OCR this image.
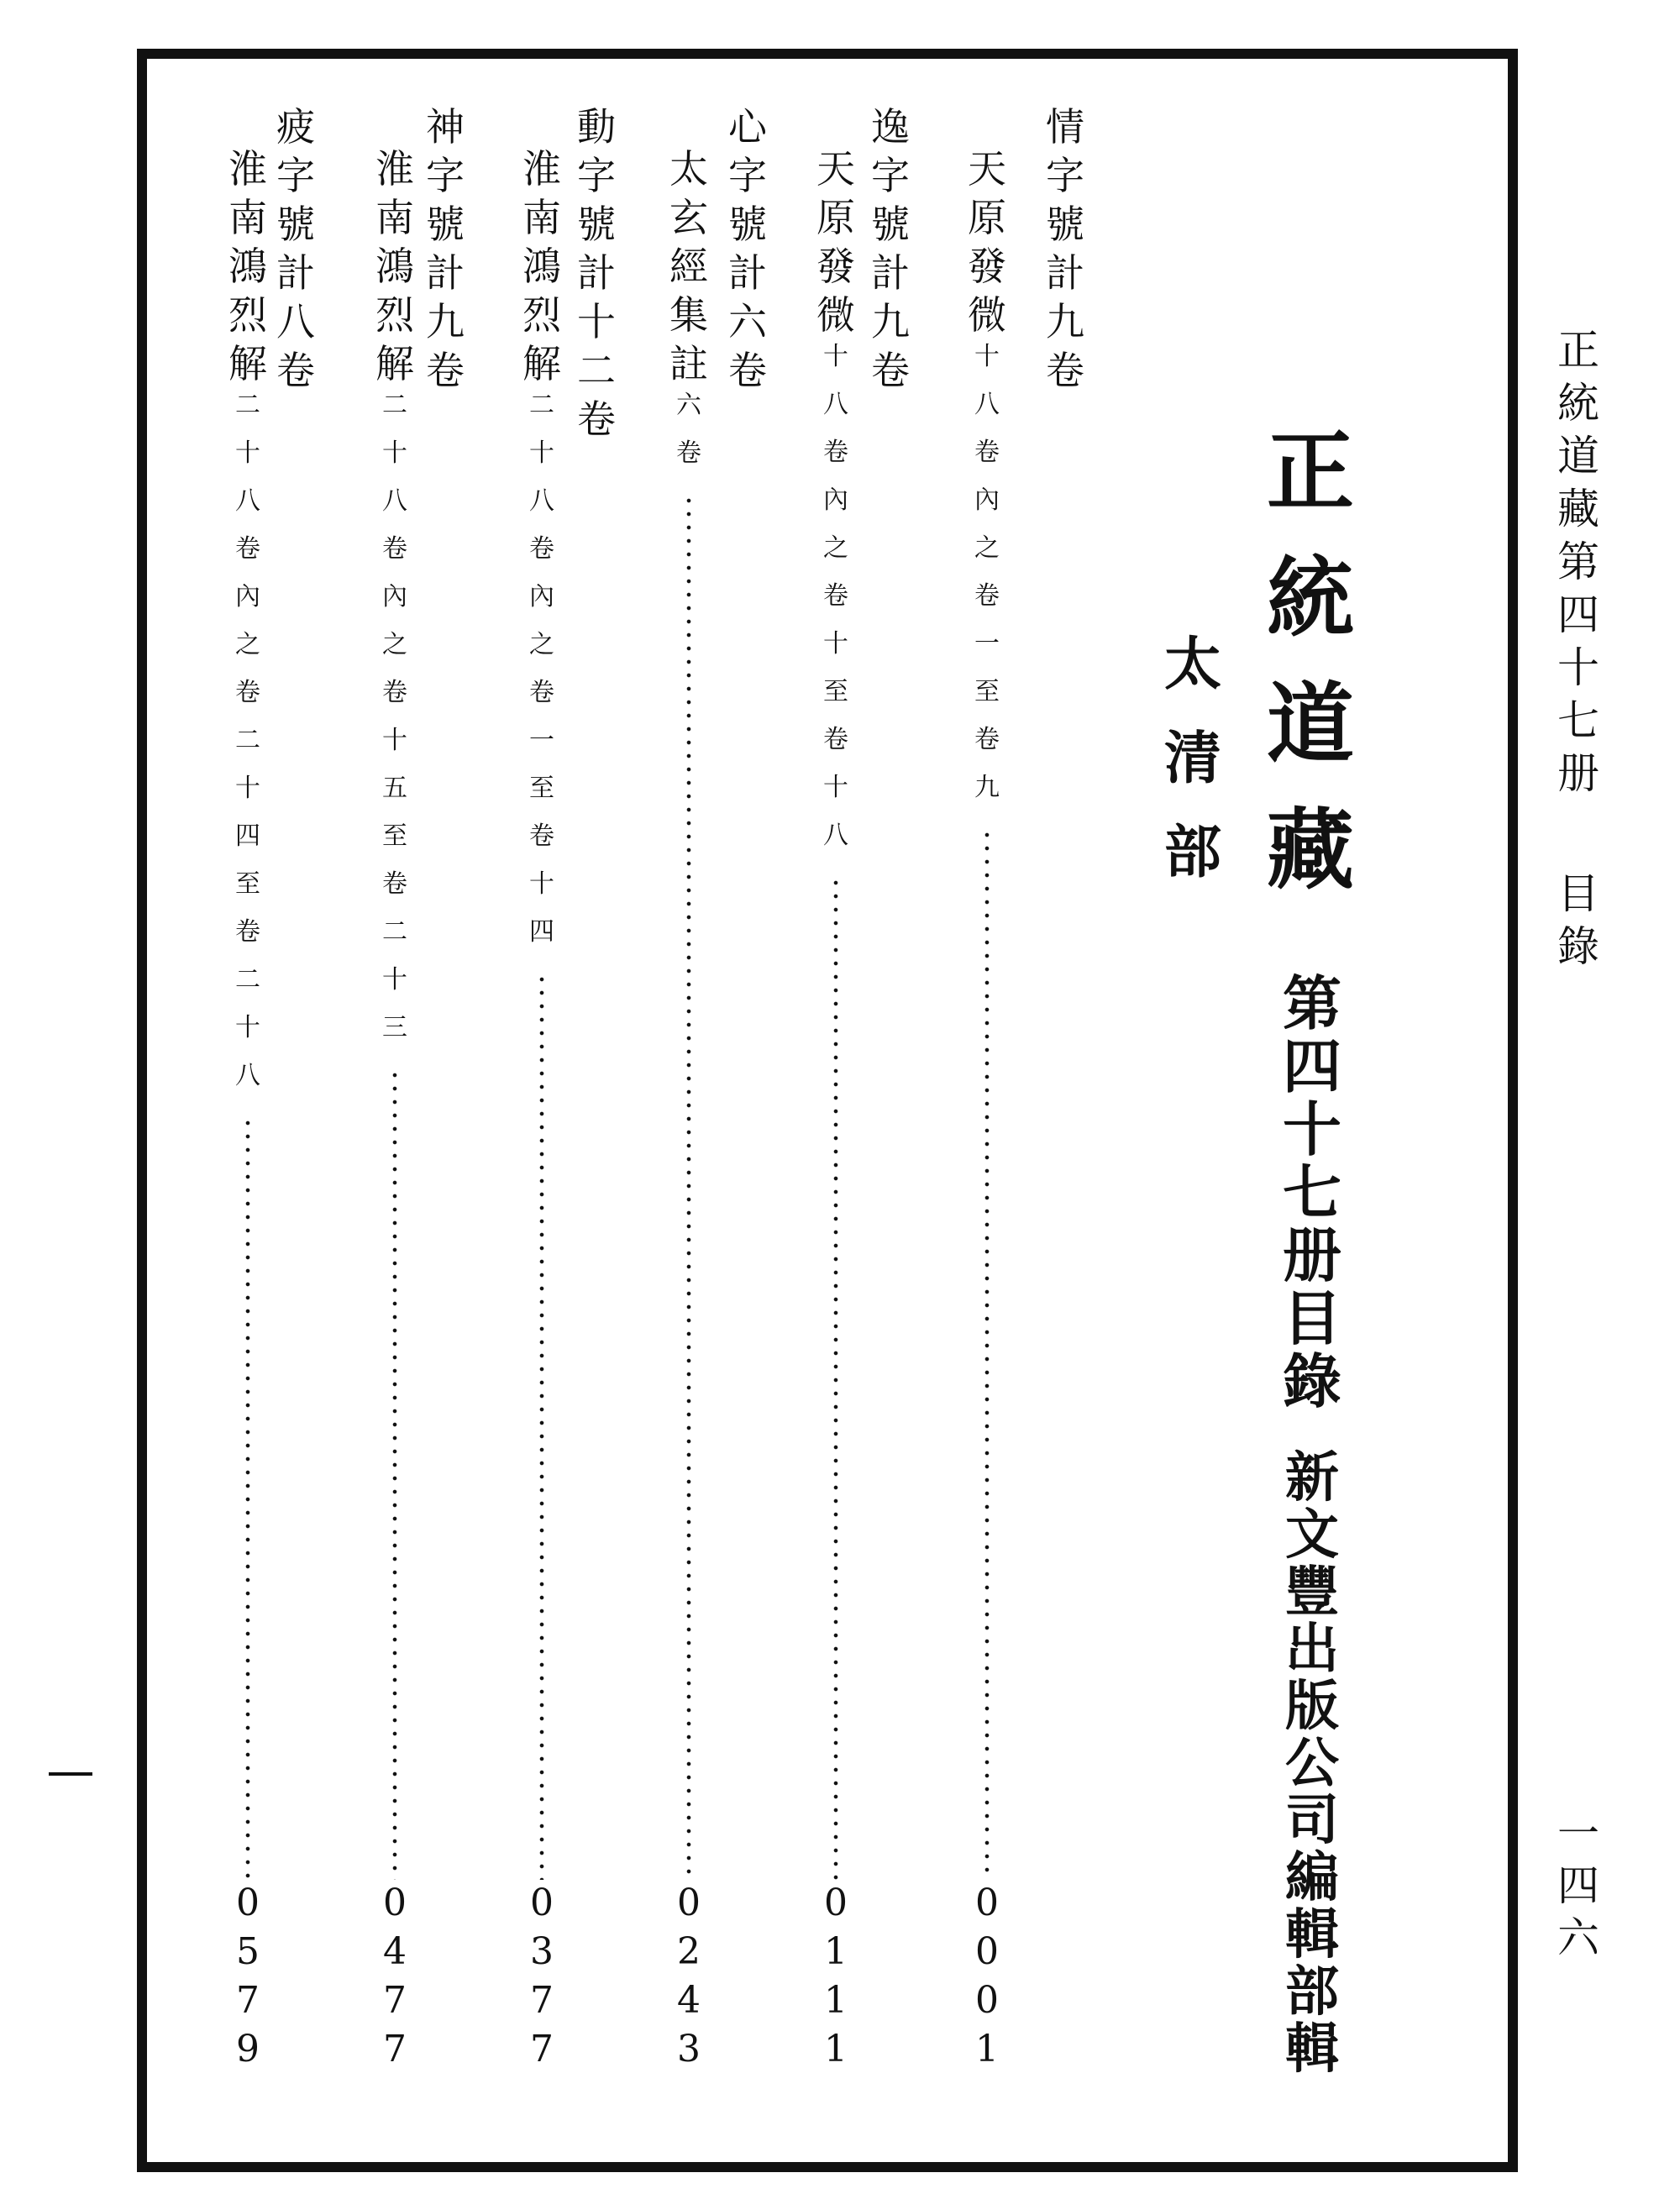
正
統
道
藏
第
四
十
七
册
目
錄
一
四
六
正
統
道
藏
第
四
十
七
册
目
錄
新
文
豐
出
版
公
司
編
輯
部
輯
太
清
部
情
字
號
計
九
卷
逸
字
號
計
九
卷
心
字
號
計
六
卷
動
字
號
計
十
二
卷
神
字
號
計
九
卷
疲
字
號
計
八
卷
天
原
發
微
十
八
卷
內
之
卷
一
至
卷
九
0
0
0
1
天
原
發
微
十
八
卷
內
之
卷
十
至
卷
十
八
0
1
1
1
太
玄
經
集
註
六
卷
0
2
4
3
淮
南
鴻
烈
解
二
十
八
卷
內
之
卷
一
至
卷
十
四
0
3
7
7
淮
南
鴻
烈
解
二
十
八
卷
內
之
卷
十
五
至
卷
二
十
三
0
4
7
7
淮
南
鴻
烈
解
二
十
八
卷
內
之
卷
二
十
四
至
卷
二
十
八
0
5
7
9
